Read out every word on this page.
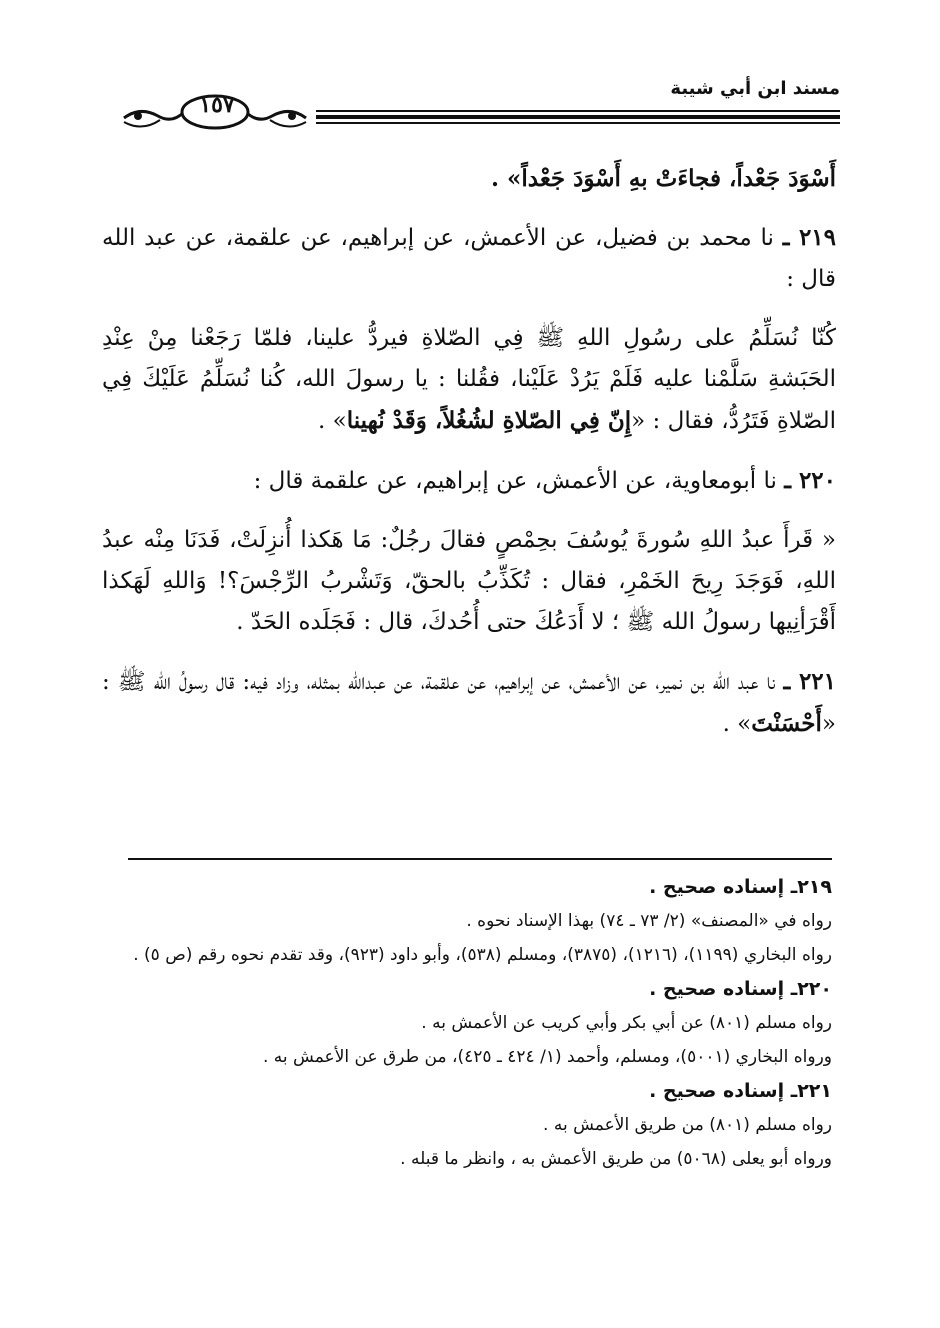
مسند ابن أبي شيبة
١٥٧

أَسْوَدَ جَعْداً، فجاءَتْ بهِ أَسْوَدَ جَعْداً» .

٢١٩ ـ نا محمد بن فضيل، عن الأعمش، عن إبراهيم، عن علقمة، عن عبد الله قال :

كُنّا نُسَلِّمُ على رسُولِ اللهِ ﷺ فِي الصّلاةِ فيردُّ علينا، فلمّا رَجَعْنا مِنْ عِنْدِ الحَبَشةِ سَلَّمْنا عليه فَلَمْ يَرُدْ عَلَيْنا، فقُلنا : يا رسولَ الله، كُنا نُسَلِّمُ عَلَيْكَ فِي الصّلاةِ فَتَرُدُّ، فقال : «إِنّ فِي الصّلاةِ لشُغُلاً، وَقَدْ نُهينا» .

٢٢٠ ـ نا أبومعاوية، عن الأعمش، عن إبراهيم، عن علقمة قال :

« قَرأَ عبدُ اللهِ سُورةَ يُوسُفَ بحِمْصٍ فقالَ رجُلٌ: مَا هَكذا أُنزِلَتْ، فَدَنَا مِنْه عبدُ اللهِ، فَوَجَدَ رِيحَ الخَمْرِ، فقال : تُكَذِّبُ بالحقّ، وَتَشْربُ الرِّجْسَ؟! وَاللهِ لَهَكذا أَقْرَأنِيها رسولُ الله ﷺ ؛ لا أَدَعُكَ حتى أُحُدكَ، قال : فَجَلَده الحَدّ .

٢٢١ ـ نا عبد الله بن نمير، عن الأعمش، عن إبراهيم، عن علقمة، عن عبدالله بمثله، وزاد فيه: قال رسولُ الله ﷺ : «أَحْسَنْتَ» .

٢١٩ـ إسناده صحيح .
رواه في «المصنف» (٢/ ٧٣ ـ ٧٤) بهذا الإسناد نحوه .
رواه البخاري (١١٩٩)، (١٢١٦)، (٣٨٧٥)، ومسلم (٥٣٨)، وأبو داود (٩٢٣)، وقد تقدم نحوه رقم (ص ٥) .
٢٢٠ـ إسناده صحيح .
رواه مسلم (٨٠١) عن أبي بكر وأبي كريب عن الأعمش به .
ورواه البخاري (٥٠٠١)، ومسلم، وأحمد (١/ ٤٢٤ ـ ٤٢٥)، من طرق عن الأعمش به .
٢٢١ـ إسناده صحيح .
رواه مسلم (٨٠١) من طريق الأعمش به .
ورواه أبو يعلى (٥٠٦٨) من طريق الأعمش به ، وانظر ما قبله .
